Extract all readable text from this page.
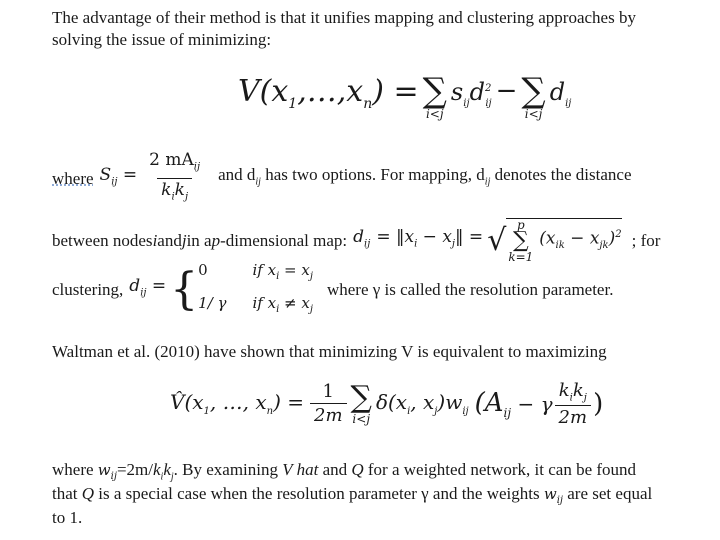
The advantage of their method is that it unifies mapping and clustering approaches by
solving the issue of minimizing:
$V(x_1,\dots,x_n)$ = ∑
i<j
$s_{ij}d^2_{ij}$ − ∑
i<j
$d_{ij}$
where $S_{ij} = \frac{2 mA_{ij}}{k_ik_j}$ and $d_{ij}$ has two options. For mapping, $d_{ij}$ denotes the distance
between nodes i and j in a p -dimensional map: $d_{ij}$ = $‖x_i$ − $x_j‖$ = √ p
∑
k=1
$(x_{ik} - x_{jk})^2$ ; for
clustering, $d_{ij}$ = { 0	if $x_i = x_j$
1/ γ if $x_i \ne x_j$
where γ is called the resolution parameter.
Waltman et al. (2010) have shown that minimizing V is equivalent to maximizing
$V̂(x_1$, …, $x_n) = \frac{1}{2m}$ ∑
i<j
$\delta(x_i$, $x_j)w_{ij}$ ($A_{ij} - \gamma \frac{k_ik_j}{2m}$ )
where $w_{ij}=2m/k_ik_j$. By examining V hat and Q for a weighted network, it can be found
that Q is a special case when the resolution parameter γ and the weights $w_{ij}$ are set equal
to 1.
